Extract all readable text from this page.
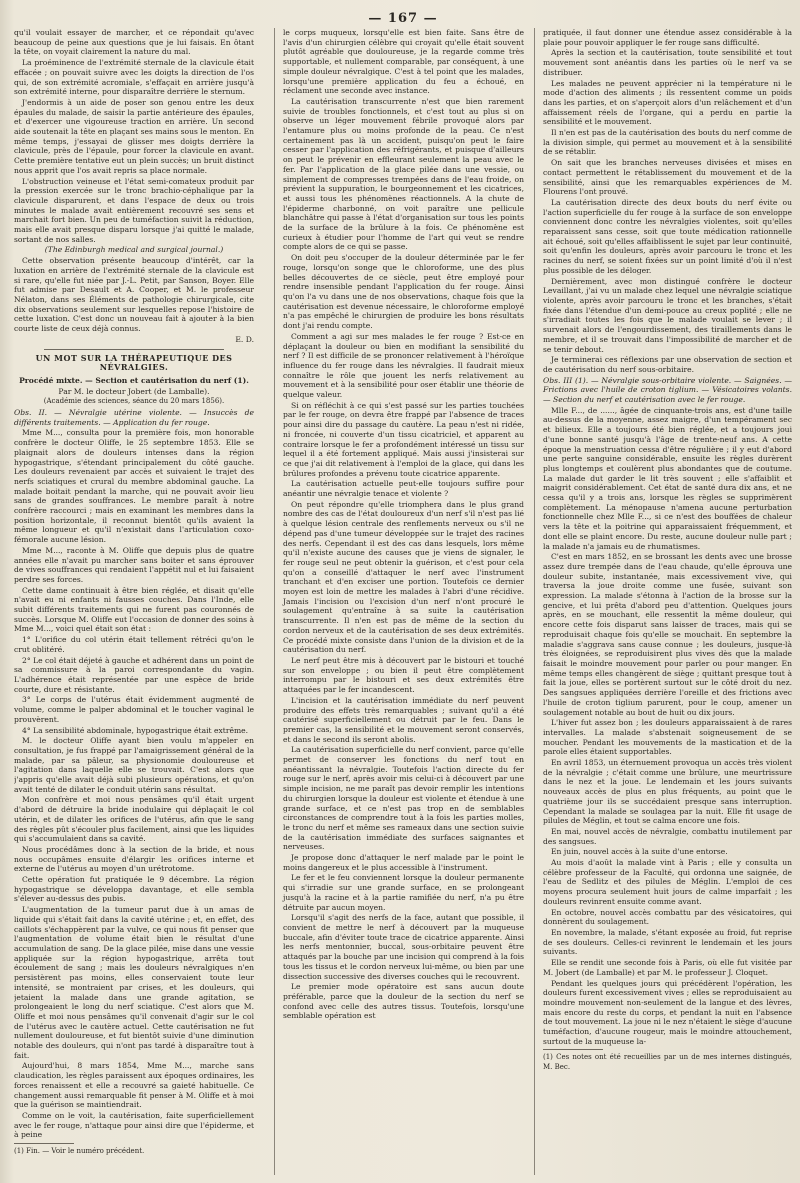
— 167 —

qu'il voulait essayer de marcher, et ce répondait qu'avec beaucoup de peine aux questions que je lui faisais. En ôtant la tête, on voyait clairement la nature du mal.

La proéminence de l'extrémité sternale de la clavicule était effacée ; on pouvait suivre avec les doigts la direction de l'os qui, de son extrémité acromiale, s'effaçait en arrière jusqu'à son extrémité interne, pour disparaître derrière le sternum.

J'endormis à un aide de poser son genou entre les deux épaules du malade, de saisir la partie antérieure des épaules, et d'exercer une vigoureuse traction en arrière. Un second aide soutenait la tête en plaçant ses mains sous le menton. En même temps, j'essayai de glisser mes doigts derrière la clavicule, près de l'épaule, pour forcer la clavicule en avant. Cette première tentative eut un plein succès; un bruit distinct nous apprit que l'os avait repris sa place normale.

L'obstruction veineuse et l'état semi-comateux produit par la pression exercée sur le tronc brachio-céphalique par la clavicule disparurent, et dans l'espace de deux ou trois minutes le malade avait entièrement recouvré ses sens et marchait fort bien. Un peu de tuméfaction suivit la réduction, mais elle avait presque disparu lorsque j'ai quitté le malade, sortant de nos salles.

(The Edinburgh medical and surgical journal.)

Cette observation présente beaucoup d'intérêt, car la luxation en arrière de l'extrémité sternale de la clavicule est si rare, qu'elle fut niée par J.-L. Petit, par Sanson, Boyer. Elle fut admise par Desault et A. Cooper, et M. le professeur Nélaton, dans ses Éléments de pathologie chirurgicale, cite dix observations seulement sur lesquelles repose l'histoire de cette luxation. C'est donc un nouveau fait à ajouter à la bien courte liste de ceux déjà connus.

E. D.

UN MOT SUR LA THÉRAPEUTIQUE DES NÉVRALGIES.

Procédé mixte. — Section et cautérisation du nerf (1).

Par M. le docteur Jobert (de Lamballe).

(Académie des sciences, séance du 20 mars 1856).

Obs. II. — Névralgie utérine violente. — Insuccès de différents traitements. — Application du fer rouge.

Mme M..., consulta pour la première fois, mon honorable confrère le docteur Oliffe, le 25 septembre 1853. Elle se plaignait alors de douleurs intenses dans la région hypogastrique, s'étendant principalement du côté gauche. Les douleurs revenaient par accès et suivaient le trajet des nerfs sciatiques et crural du membre abdominal gauche. La malade boitait pendant la marche, qui ne pouvait avoir lieu sans de grandes souffrances. Le membre paraît à notre confrère raccourci ; mais en examinant les membres dans la position horizontale, il reconnut bientôt qu'ils avaient la même longueur et qu'il n'existait dans l'articulation coxo-fémorale aucune lésion.

Mme M..., raconte à M. Oliffe que depuis plus de quatre années elle n'avait pu marcher sans boiter et sans éprouver de vives souffrances qui rendaient l'appétit nul et lui faisaient perdre ses forces.

Cette dame continuait à être bien réglée, et disait qu'elle n'avait eu ni enfants ni fausses couches. Dans l'Inde, elle subit différents traitements qui ne furent pas couronnés de succès. Lorsque M. Oliffe eut l'occasion de donner des soins à Mme M..., voici quel était son état :

1° L'orifice du col utérin était tellement rétréci qu'on le crut oblitéré.

2° Le col était déjeté à gauche et adhérent dans un point de sa commissure à la paroi correspondante du vagin. L'adhérence était représentée par une espèce de bride courte, dure et résistante.

3° Le corps de l'utérus était évidemment augmenté de volume, comme le palper abdominal et le toucher vaginal le prouvèrent.

4° La sensibilité abdominale, hypogastrique était extrême.

M. le docteur Oliffe ayant bien voulu m'appeler en consultation, je fus frappé par l'amaigrissement général de la malade, par sa pâleur, sa physionomie douloureuse et l'agitation dans laquelle elle se trouvait. C'est alors que j'appris qu'elle avait déjà subi plusieurs opérations, et qu'on avait tenté de dilater le conduit utérin sans résultat.

Mon confrère et moi nous pensâmes qu'il était urgent d'abord de détruire la bride inodulaire qui déplaçait le col utérin, et de dilater les orifices de l'utérus, afin que le sang des règles pût s'écouler plus facilement, ainsi que les liquides qui s'accumulaient dans sa cavité.

Nous procédâmes donc à la section de la bride, et nous nous occupâmes ensuite d'élargir les orifices interne et externe de l'utérus au moyen d'un urétrotome.

Cette opération fut pratiquée le 9 décembre. La région hypogastrique se développa davantage, et elle sembla s'élever au-dessus des pubis.

L'augmentation de la tumeur parut due à un amas de liquide qui s'était fait dans la cavité utérine ; et, en effet, des caillots s'échappèrent par la vulve, ce qui nous fit penser que l'augmentation de volume était bien le résultat d'une accumulation de sang. De la glace pilée, mise dans une vessie appliquée sur la région hypogastrique, arrêta tout écoulement de sang ; mais les douleurs névralgiques n'en persistèrent pas moins, elles conservaient toute leur intensité, se montraient par crises, et les douleurs, qui jetaient la malade dans une grande agitation, se prolongeaient le long du nerf sciatique. C'est alors que M. Oliffe et moi nous pensâmes qu'il convenait d'agir sur le col de l'utérus avec le cautère actuel. Cette cautérisation ne fut nullement douloureuse, et fut bientôt suivie d'une diminution notable des douleurs, qui n'ont pas tardé à disparaître tout à fait.

Aujourd'hui, 8 mars 1854, Mme M..., marche sans claudication, les règles paraissent aux époques ordinaires, les forces renaissent et elle a recouvré sa gaieté habituelle. Ce changement aussi remarquable fit penser à M. Oliffe et à moi que la guérison se maintiendrait.

Comme on le voit, la cautérisation, faite superficiellement avec le fer rouge, n'attaque pour ainsi dire que l'épiderme, et à peine

(1) Fin. — Voir le numéro précédent.

le corps muqueux, lorsqu'elle est bien faite. Sans être de l'avis d'un chirurgien célèbre qui croyait qu'elle était souvent plutôt agréable que douloureuse, je la regarde comme très supportable, et nullement comparable, par conséquent, à une simple douleur névralgique. C'est à tel point que les malades, lorsqu'une première application du feu a échoué, en réclament une seconde avec instance.

La cautérisation transcurrente n'est que bien rarement suivie de troubles fonctionnels, et c'est tout au plus si on observe un léger mouvement fébrile provoqué alors par l'entamure plus ou moins profonde de la peau. Ce n'est certainement pas là un accident, puisqu'on peut le faire cesser par l'application des réfrigérants, et puisque d'ailleurs on peut le prévenir en effleurant seulement la peau avec le fer. Par l'application de la glace pilée dans une vessie, ou simplement de compresses trempées dans de l'eau froide, on prévient la suppuration, le bourgeonnement et les cicatrices, et aussi tous les phénomènes réactionnels. A la chute de l'épiderme charbonné, on voit paraître une pellicule blanchâtre qui passe à l'état d'organisation sur tous les points de la surface de la brûlure à la fois. Ce phénomène est curieux à étudier pour l'homme de l'art qui veut se rendre compte alors de ce qui se passe.

On doit peu s'occuper de la douleur déterminée par le fer rouge, lorsqu'on songe que le chloroforme, une des plus belles découvertes de ce siècle, peut être employé pour rendre insensible pendant l'application du fer rouge. Ainsi qu'on l'a vu dans une de nos observations, chaque fois que la cautérisation est devenue nécessaire, le chloroforme employé n'a pas empêché le chirurgien de produire les bons résultats dont j'ai rendu compte.

Comment a agi sur mes malades le fer rouge ? Est-ce en déplaçant la douleur ou bien en modifiant la sensibilité du nerf ? Il est difficile de se prononcer relativement à l'héroïque influence du fer rouge dans les névralgies. Il faudrait mieux connaître le rôle que jouent les nerfs relativement au mouvement et à la sensibilité pour oser établir une théorie de quelque valeur.

Si on réfléchit à ce qui s'est passé sur les parties touchées par le fer rouge, on devra être frappé par l'absence de traces pour ainsi dire du passage du cautère. La peau n'est ni ridée, ni froncée, ni couverte d'un tissu cicatriciel, et apparent au contraire lorsque le fer a profondément intéressé un tissu sur lequel il a été fortement appliqué. Mais aussi j'insisterai sur ce que j'ai dit relativement à l'emploi de la glace, qui dans les brûlures profondes a prévenu toute cicatrice apparente.

La cautérisation actuelle peut-elle toujours suffire pour anéantir une névralgie tenace et violente ?

On peut répondre qu'elle triomphera dans le plus grand nombre des cas de l'état douloureux d'un nerf s'il n'est pas lié à quelque lésion centrale des renflements nerveux ou s'il ne dépend pas d'une tumeur développée sur le trajet des racines des nerfs. Cependant il est des cas dans lesquels, lors même qu'il n'existe aucune des causes que je viens de signaler, le fer rouge seul ne peut obtenir la guérison, et c'est pour cela qu'on a conseillé d'attaquer le nerf avec l'instrument tranchant et d'en exciser une portion. Toutefois ce dernier moyen est loin de mettre les malades à l'abri d'une récidive. Jamais l'incision ou l'excision d'un nerf n'ont procuré le soulagement qu'entraîne à sa suite la cautérisation transcurrente. Il n'en est pas de même de la section du cordon nerveux et de la cautérisation de ses deux extrémités. Ce procédé mixte consiste dans l'union de la division et de la cautérisation du nerf.

Le nerf peut être mis à découvert par le bistouri et touché sur son enveloppe ; ou bien il peut être complètement interrompu par le bistouri et ses deux extrémités être attaquées par le fer incandescent.

L'incision et la cautérisation immédiate du nerf peuvent produire des effets très remarquables ; suivant qu'il a été cautérisé superficiellement ou détruit par le feu. Dans le premier cas, la sensibilité et le mouvement seront conservés, et dans le second ils seront abolis.

La cautérisation superficielle du nerf convient, parce qu'elle permet de conserver les fonctions du nerf tout en anéantissant la névralgie. Toutefois l'action directe du fer rouge sur le nerf, après avoir mis celui-ci à découvert par une simple incision, ne me paraît pas devoir remplir les intentions du chirurgien lorsque la douleur est violente et étendue à une grande surface, et ce n'est pas trop en de semblables circonstances de comprendre tout à la fois les parties molles, le tronc du nerf et même ses rameaux dans une section suivie de la cautérisation immédiate des surfaces saignantes et nerveuses.

Je propose donc d'attaquer le nerf malade par le point le moins dangereux et le plus accessible à l'instrument.

Le fer et le feu conviennent lorsque la douleur permanente qui s'irradie sur une grande surface, en se prolongeant jusqu'à la racine et à la partie ramifiée du nerf, n'a pu être détruite par aucun moyen.

Lorsqu'il s'agit des nerfs de la face, autant que possible, il convient de mettre le nerf à découvert par la muqueuse buccale, afin d'éviter toute trace de cicatrice apparente. Ainsi les nerfs mentonnier, buccal, sous-orbitaire peuvent être attaqués par la bouche par une incision qui comprend à la fois tous les tissus et le cordon nerveux lui-même, ou bien par une dissection successive des diverses couches qui le recouvrent.

Le premier mode opératoire est sans aucun doute préférable, parce que la douleur de la section du nerf se confond avec celle des autres tissus. Toutefois, lorsqu'une semblable opération est

pratiquée, il faut donner une étendue assez considérable à la plaie pour pouvoir appliquer le fer rouge sans difficulté.

Après la section et la cautérisation, toute sensibilité et tout mouvement sont anéantis dans les parties où le nerf va se distribuer.

Les malades ne peuvent apprécier ni la température ni le mode d'action des aliments ; ils ressentent comme un poids dans les parties, et on s'aperçoit alors d'un relâchement et d'un affaissement réels de l'organe, qui a perdu en partie la sensibilité et le mouvement.

Il n'en est pas de la cautérisation des bouts du nerf comme de la division simple, qui permet au mouvement et à la sensibilité de se rétablir.

On sait que les branches nerveuses divisées et mises en contact permettent le rétablissement du mouvement et de la sensibilité, ainsi que les remarquables expériences de M. Flourens l'ont prouvé.

La cautérisation directe des deux bouts du nerf évite ou l'action superficielle du fer rouge à la surface de son enveloppe conviennent donc contre les névralgies violentes, soit qu'elles reparaissent sans cesse, soit que toute médication rationnelle ait échoué, soit qu'elles affaiblissent le sujet par leur continuité, soit qu'enfin les douleurs, après avoir parcouru le tronc et les racines du nerf, se soient fixées sur un point limité d'où il n'est plus possible de les déloger.

Dernièrement, avec mon distingué confrère le docteur Levaillant, j'ai vu un malade chez lequel une névralgie sciatique violente, après avoir parcouru le tronc et les branches, s'était fixée dans l'étendue d'un demi-pouce au creux poplité ; elle ne s'irradiait toutes les fois que le malade voulait se lever ; il survenait alors de l'engourdissement, des tiraillements dans le membre, et il se trouvait dans l'impossibilité de marcher et de se tenir debout.

Je terminerai ces réflexions par une observation de section et de cautérisation du nerf sous-orbitaire.

Obs. III (1). — Névralgie sous-orbitaire violente. — Saignées. — Frictions avec l'huile de croton tiglium. — Vésicatoires volants. — Section du nerf et cautérisation avec le fer rouge.

Mlle F..., de ......, âgée de cinquante-trois ans, est d'une taille au-dessus de la moyenne, assez maigre, d'un tempérament sec et bilieux. Elle a toujours été bien réglée, et a toujours joui d'une bonne santé jusqu'à l'âge de trente-neuf ans. A cette époque la menstruation cessa d'être régulière ; il y eut d'abord une perte sanguine considérable, ensuite les règles durèrent plus longtemps et coulèrent plus abondantes que de coutume. La malade dut garder le lit très souvent ; elle s'affaiblit et maigrit considérablement. Cet état de santé dura dix ans, et ne cessa qu'il y a trois ans, lorsque les règles se supprimèrent complètement. La ménopause n'amena aucune perturbation fonctionnelle chez Mlle F..., si ce n'est des bouffées de chaleur vers la tête et la poitrine qui apparaissaient fréquemment, et dont elle se plaint encore. Du reste, aucune douleur nulle part ; la malade n'a jamais eu de rhumatismes.

C'est en mars 1852, en se brossant les dents avec une brosse assez dure trempée dans de l'eau chaude, qu'elle éprouva une douleur subite, instantanée, mais excessivement vive, qui traversa la joue droite comme une fusée, suivant son expression. La malade s'étonna à l'action de la brosse sur la gencive, et lui prêta d'abord peu d'attention. Quelques jours après, en se mouchant, elle ressentit la même douleur, qui encore cette fois disparut sans laisser de traces, mais qui se reproduisait chaque fois qu'elle se mouchait. En septembre la maladie s'aggrava sans cause connue ; les douleurs, jusque-là très éloignées, se reproduisirent plus vives dès que la malade faisait le moindre mouvement pour parler ou pour manger. En même temps elles changèrent de siège ; quittant presque tout à fait la joue, elles se portèrent surtout sur le côté droit du nez. Des sangsues appliquées derrière l'oreille et des frictions avec l'huile de croton tiglium parurent, pour le coup, amener un soulagement notable au bout de huit ou dix jours.

L'hiver fut assez bon ; les douleurs apparaissaient à de rares intervalles. La malade s'abstenait soigneusement de se moucher. Pendant les mouvements de la mastication et de la parole elles étaient supportables.

En avril 1853, un éternuement provoqua un accès très violent de la névralgie ; c'était comme une brûlure, une meurtrissure dans le nez et la joue. Le lendemain et les jours suivants nouveaux accès de plus en plus fréquents, au point que le quatrième jour ils se succédaient presque sans interruption. Cependant la malade se soulagea par la nuit. Elle fit usage de pilules de Méglin, et tout se calma encore une fois.

En mai, nouvel accès de névralgie, combattu inutilement par des sangsues.

En juin, nouvel accès à la suite d'une entorse.

Au mois d'août la malade vint à Paris ; elle y consulta un célèbre professeur de la Faculté, qui ordonna une saignée, de l'eau de Sedlitz et des pilules de Méglin. L'emploi de ces moyens procura seulement huit jours de calme imparfait ; les douleurs revinrent ensuite comme avant.

En octobre, nouvel accès combattu par des vésicatoires, qui donnèrent du soulagement.

En novembre, la malade, s'étant exposée au froid, fut reprise de ses douleurs. Celles-ci revinrent le lendemain et les jours suivants.

Elle se rendit une seconde fois à Paris, où elle fut visitée par M. Jobert (de Lamballe) et par M. le professeur J. Cloquet.

Pendant les quelques jours qui précédèrent l'opération, les douleurs furent excessivement vives ; elles se reproduisaient au moindre mouvement non-seulement de la langue et des lèvres, mais encore du reste du corps, et pendant la nuit en l'absence de tout mouvement. La joue ni le nez n'étaient le siège d'aucune tuméfaction, d'aucune rougeur, mais le moindre attouchement, surtout de la muqueuse la-

(1) Ces notes ont été recueillies par un de mes internes distingués, M. Bec.
